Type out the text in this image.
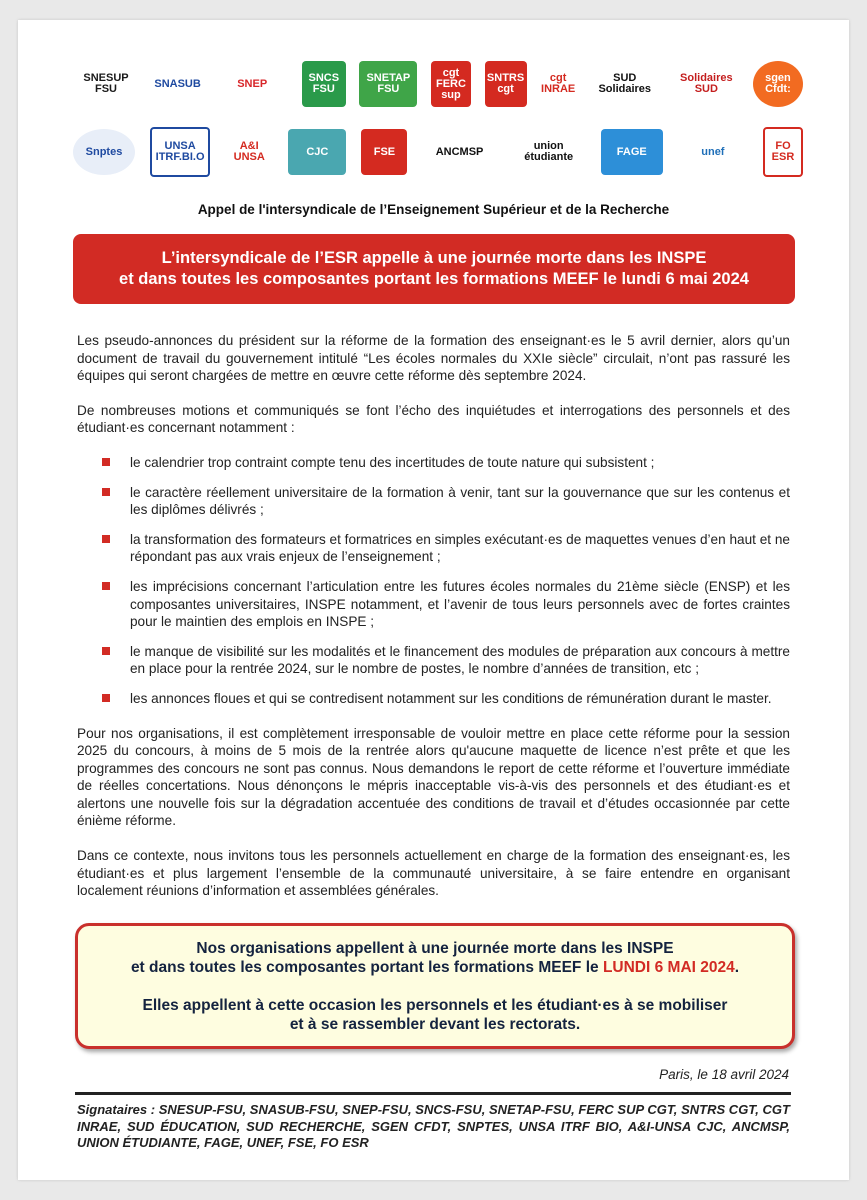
SNESUP FSU	SNASUB	SNEP	SNCS FSU
SNETAP FSU
cgt FERC sup
SNTRS cgt
cgt INRAE
SUD Solidaires
Solidaires SUD
sgen Cfdt:
Snptes	UNSA ITRF.BI.O
A&I UNSA	CJC	FSE	ANCMSP	union étudiante	FAGE	unef	FO ESR
Appel de l'intersyndicale de l’Enseignement Supérieur et de la Recherche
L’intersyndicale de l’ESR appelle à une journée morte dans les INSPE
et dans toutes les composantes portant les formations MEEF le lundi 6 mai 2024

Les pseudo-annonces du président sur la réforme de la formation des enseignant·es le 5 avril dernier, alors qu’un document de travail du gouvernement intitulé “Les écoles normales du XXIe siècle” circulait, n’ont pas rassuré les équipes qui seront chargées de mettre en œuvre cette réforme dès septembre 2024.

De nombreuses motions et communiqués se font l’écho des inquiétudes et interrogations des personnels et des étudiant·es concernant notamment :

le calendrier trop contraint compte tenu des incertitudes de toute nature qui subsistent ;
le caractère réellement universitaire de la formation à venir, tant sur la gouvernance que sur les contenus et les diplômes délivrés ;
la transformation des formateurs et formatrices en simples exécutant·es de maquettes venues d’en haut et ne répondant pas aux vrais enjeux de l’enseignement ;
les imprécisions concernant l’articulation entre les futures écoles normales du 21ème siècle (ENSP) et les composantes universitaires, INSPE notamment, et l’avenir de tous leurs personnels avec de fortes craintes pour le maintien des emplois en INSPE ;
le manque de visibilité sur les modalités et le financement des modules de préparation aux concours à mettre en place pour la rentrée 2024, sur le nombre de postes, le nombre d’années de transition, etc ;
les annonces floues et qui se contredisent notamment sur les conditions de rémunération durant le master.

Pour nos organisations, il est complètement irresponsable de vouloir mettre en place cette réforme pour la session 2025 du concours, à moins de 5 mois de la rentrée alors qu'aucune maquette de licence n’est prête et que les programmes des concours ne sont pas connus. Nous demandons le report de cette réforme et l’ouverture immédiate de réelles concertations. Nous dénonçons le mépris inacceptable vis-à-vis des personnels et des étudiant·es et alertons une nouvelle fois sur la dégradation accentuée des conditions de travail et d’études occasionnée par cette énième réforme.

Dans ce contexte, nous invitons tous les personnels actuellement en charge de la formation des enseignant·es, les étudiant·es et plus largement l’ensemble de la communauté universitaire, à se faire entendre en organisant localement réunions d’information et assemblées générales.

Nos organisations appellent à une journée morte dans les INSPE
et dans toutes les composantes portant les formations MEEF le LUNDI 6 MAI 2024.
Elles appellent à cette occasion les personnels et les étudiant·es à se mobiliser
et à se rassembler devant les rectorats.
Paris, le 18 avril 2024
Signataires : SNESUP-FSU, SNASUB-FSU, SNEP-FSU, SNCS-FSU, SNETAP-FSU, FERC SUP CGT, SNTRS CGT, CGT INRAE, SUD ÉDUCATION, SUD RECHERCHE, SGEN CFDT, SNPTES, UNSA ITRF BIO, A&I-UNSA CJC, ANCMSP, UNION ÉTUDIANTE, FAGE, UNEF, FSE, FO ESR
